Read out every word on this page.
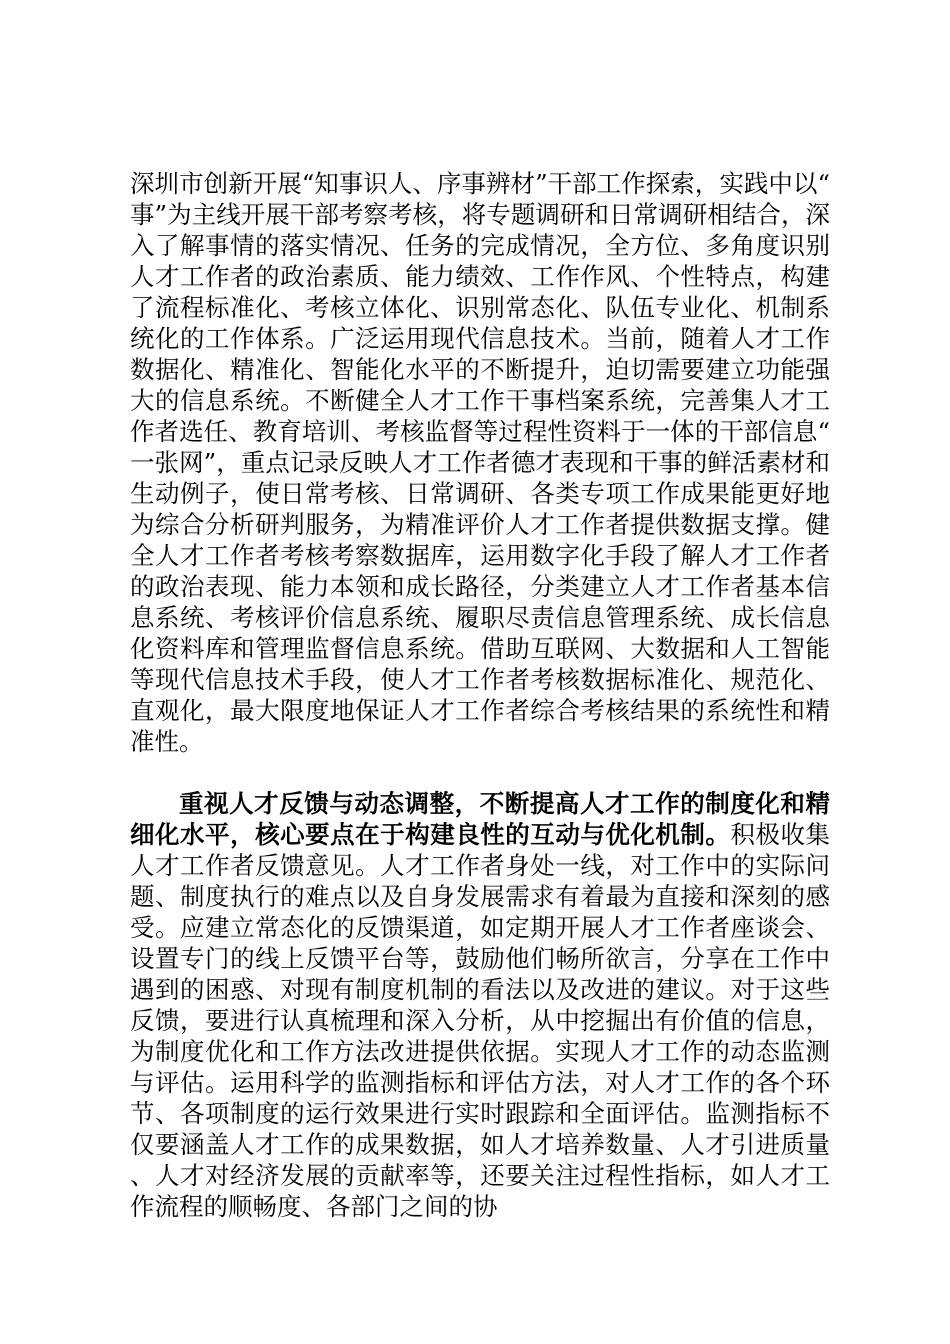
深圳市创新开展“知事识人、序事辨材”干部工作探索，实践中以“事”为主线开展干部考察考核，将专题调研和日常调研相结合，深入了解事情的落实情况、任务的完成情况，全方位、多角度识别人才工作者的政治素质、能力绩效、工作作风、个性特点，构建了流程标准化、考核立体化、识别常态化、队伍专业化、机制系统化的工作体系。广泛运用现代信息技术。当前，随着人才工作数据化、精准化、智能化水平的不断提升，迫切需要建立功能强大的信息系统。不断健全人才工作干事档案系统，完善集人才工作者选任、教育培训、考核监督等过程性资料于一体的干部信息“一张网”，重点记录反映人才工作者德才表现和干事的鲜活素材和生动例子，使日常考核、日常调研、各类专项工作成果能更好地为综合分析研判服务，为精准评价人才工作者提供数据支撑。健全人才工作者考核考察数据库，运用数字化手段了解人才工作者的政治表现、能力本领和成长路径，分类建立人才工作者基本信息系统、考核评价信息系统、履职尽责信息管理系统、成长信息化资料库和管理监督信息系统。借助互联网、大数据和人工智能等现代信息技术手段，使人才工作者考核数据标准化、规范化、直观化，最大限度地保证人才工作者综合考核结果的系统性和精准性。

重视人才反馈与动态调整，不断提高人才工作的制度化和精细化水平，核心要点在于构建良性的互动与优化机制。积极收集人才工作者反馈意见。人才工作者身处一线，对工作中的实际问题、制度执行的难点以及自身发展需求有着最为直接和深刻的感受。应建立常态化的反馈渠道，如定期开展人才工作者座谈会、设置专门的线上反馈平台等，鼓励他们畅所欲言，分享在工作中遇到的困惑、对现有制度机制的看法以及改进的建议。对于这些反馈，要进行认真梳理和深入分析，从中挖掘出有价值的信息，为制度优化和工作方法改进提供依据。实现人才工作的动态监测与评估。运用科学的监测指标和评估方法，对人才工作的各个环节、各项制度的运行效果进行实时跟踪和全面评估。监测指标不仅要涵盖人才工作的成果数据，如人才培养数量、人才引进质量、人才对经济发展的贡献率等，还要关注过程性指标，如人才工作流程的顺畅度、各部门之间的协
